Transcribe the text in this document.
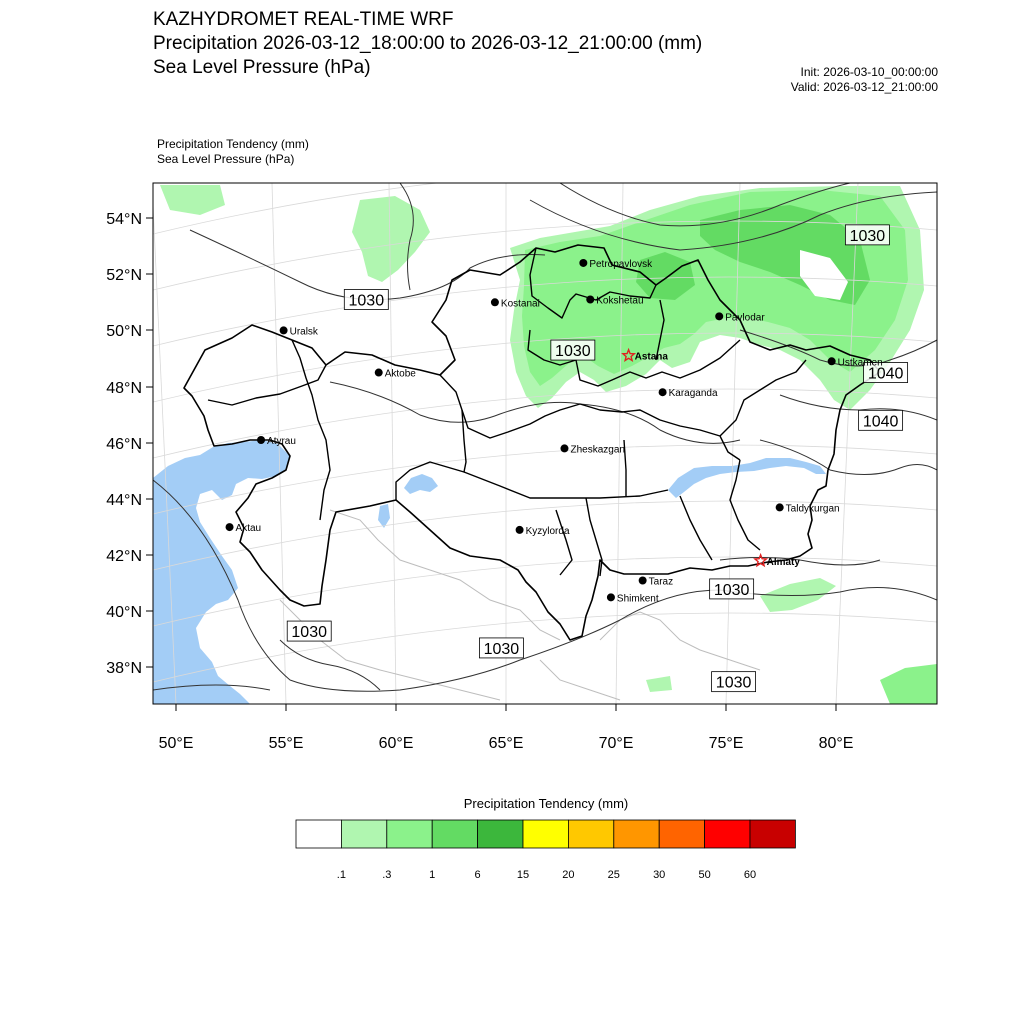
KAZHYDROMET REAL-TIME WRF
Precipitation 2026-03-12_18:00:00 to 2026-03-12_21:00:00 (mm)
Sea Level Pressure (hPa)	Init: 2026-03-10_00:00:00
Valid: 2026-03-12_21:00:00
Precipitation Tendency (mm)
Sea Level Pressure (hPa)
54°N
52°N
50°N
48°N
46°N
44°N
42°N
40°N
38°N
50°E	55°E	60°E	65°E	70°E	75°E	80°E
1030
1030
1030
1040
1040
1030
1030
1030
1030
Petropavlovsk
Kostanai	Kokshetau
Pavlodar
Uralsk
Astana
Ustkamen
Aktobe
Karaganda
Atyrau
Zheskazgan
Aktau	Kyzylorda
Taldykurgan
Almaty
Taraz
Shimkent
.1	.3	1	6	15	20	25	30	50	60
Precipitation Tendency (mm)
